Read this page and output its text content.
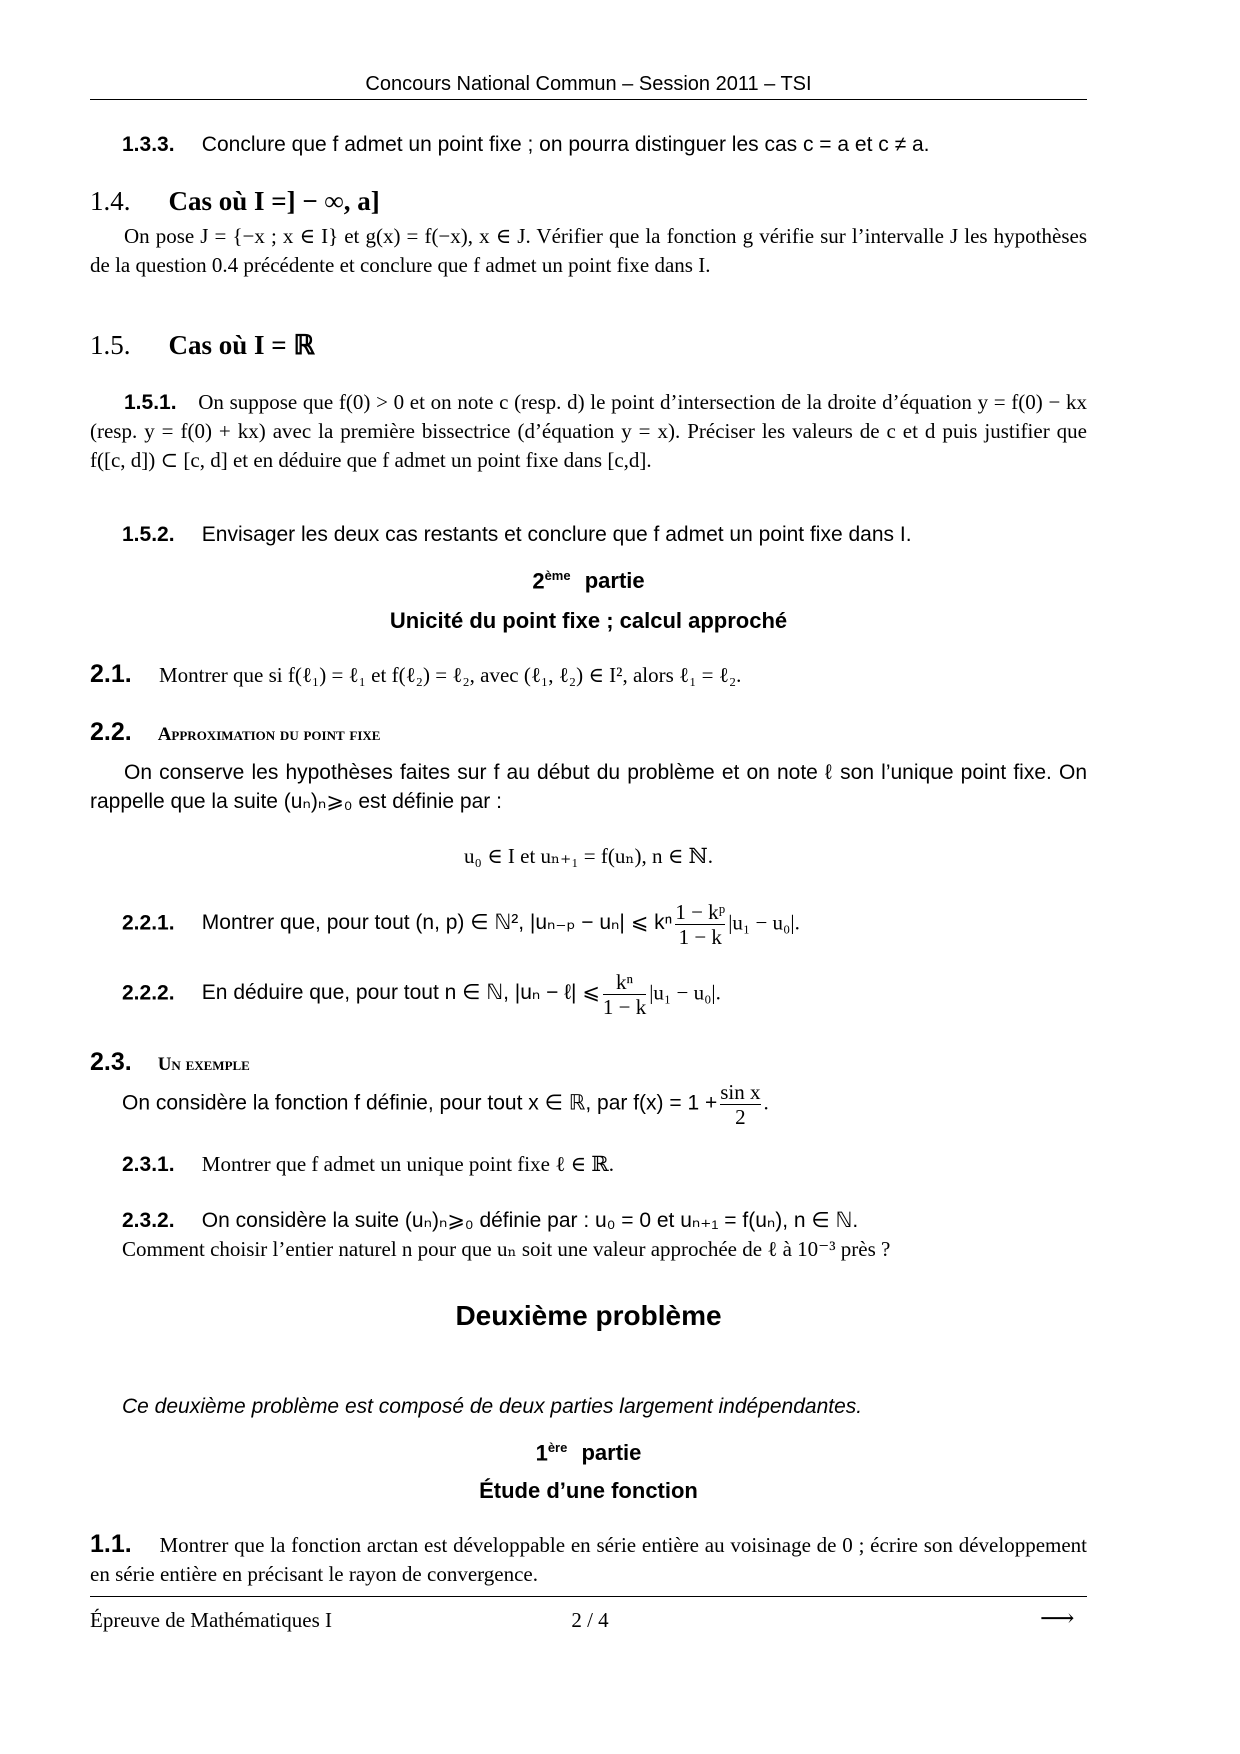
Concours National Commun – Session 2011 – TSI
1.3.3. Conclure que f admet un point fixe ; on pourra distinguer les cas c = a et c ≠ a.
1.4. Cas où I =] − ∞, a]
On pose J = {−x ; x ∈ I} et g(x) = f(−x), x ∈ J. Vérifier que la fonction g vérifie sur l’intervalle J les hypothèses de la question 0.4 précédente et conclure que f admet un point fixe dans I.
1.5. Cas où I = ℝ
1.5.1. On suppose que f(0) > 0 et on note c (resp. d) le point d’intersection de la droite d’équation y = f(0) − kx (resp. y = f(0) + kx) avec la première bissectrice (d’équation y = x). Préciser les valeurs de c et d puis justifier que f([c, d]) ⊂ [c, d] et en déduire que f admet un point fixe dans [c,d].
1.5.2. Envisager les deux cas restants et conclure que f admet un point fixe dans I.
2ème partie
Unicité du point fixe ; calcul approché
2.1. Montrer que si f(ℓ₁) = ℓ₁ et f(ℓ₂) = ℓ₂, avec (ℓ₁, ℓ₂) ∈ I², alors ℓ₁ = ℓ₂.
2.2. Approximation du point fixe
On conserve les hypothèses faites sur f au début du problème et on note ℓ son l’unique point fixe. On rappelle que la suite (uₙ)ₙ⩾₀ est définie par :
u₀ ∈ I et uₙ₊₁ = f(uₙ), n ∈ ℕ.
2.2.1. Montrer que, pour tout (n, p) ∈ ℕ², |uₙ₋ₚ − uₙ| ⩽ kⁿ $\frac{\text{1 − kᵖ}}{1 - k} |u_1 - u_0|$.
2.2.2. En déduire que, pour tout n ∈ ℕ, |uₙ − ℓ| ⩽ $\frac{\text{kⁿ}}{1 - k} |u_1 - u_0|$.
2.3. Un exemple
On considère la fonction f définie, pour tout x ∈ ℝ, par $f(x) = 1 + \frac{\text{sin x}}{2}$ .
2.3.1. Montrer que f admet un unique point fixe ℓ ∈ ℝ.
2.3.2. On considère la suite (uₙ)ₙ⩾₀ définie par : u₀ = 0 et uₙ₊₁ = f(uₙ), n ∈ ℕ.
Comment choisir l’entier naturel n pour que uₙ soit une valeur approchée de ℓ à 10⁻³ près ?
Deuxième problème
Ce deuxième problème est composé de deux parties largement indépendantes.
1ère partie
Étude d’une fonction
1.1. Montrer que la fonction arctan est développable en série entière au voisinage de 0 ; écrire son développement en série entière en précisant le rayon de convergence.
Épreuve de Mathématiques I	2 / 4	⟶
